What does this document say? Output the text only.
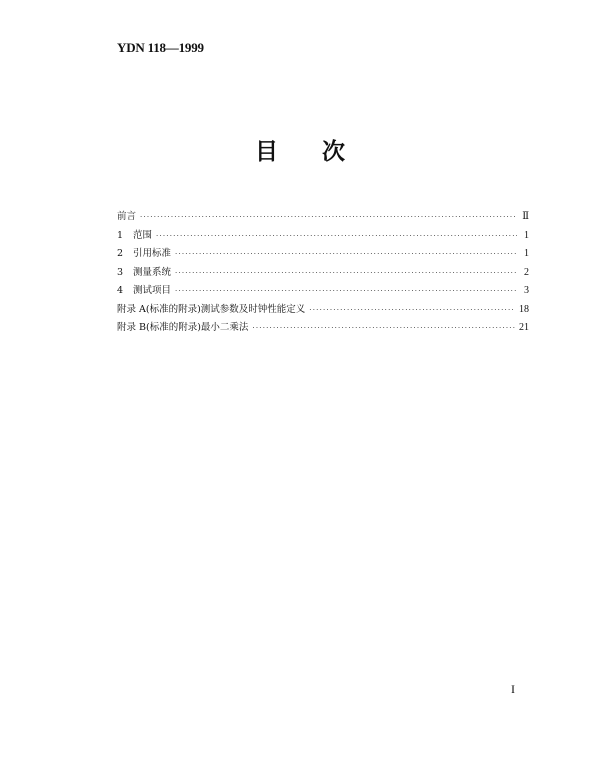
YDN 118—1999
目 次
前言 ·····	Ⅱ
1 范围 ·····	1
2 引用标准 ·····	1
3 测量系统 ·····	2
4 测试项目 ·····	3
附录 A(标准的附录)测试参数及时钟性能定义 ·····	18
附录 B(标准的附录)最小二乘法 ·····	21
I
